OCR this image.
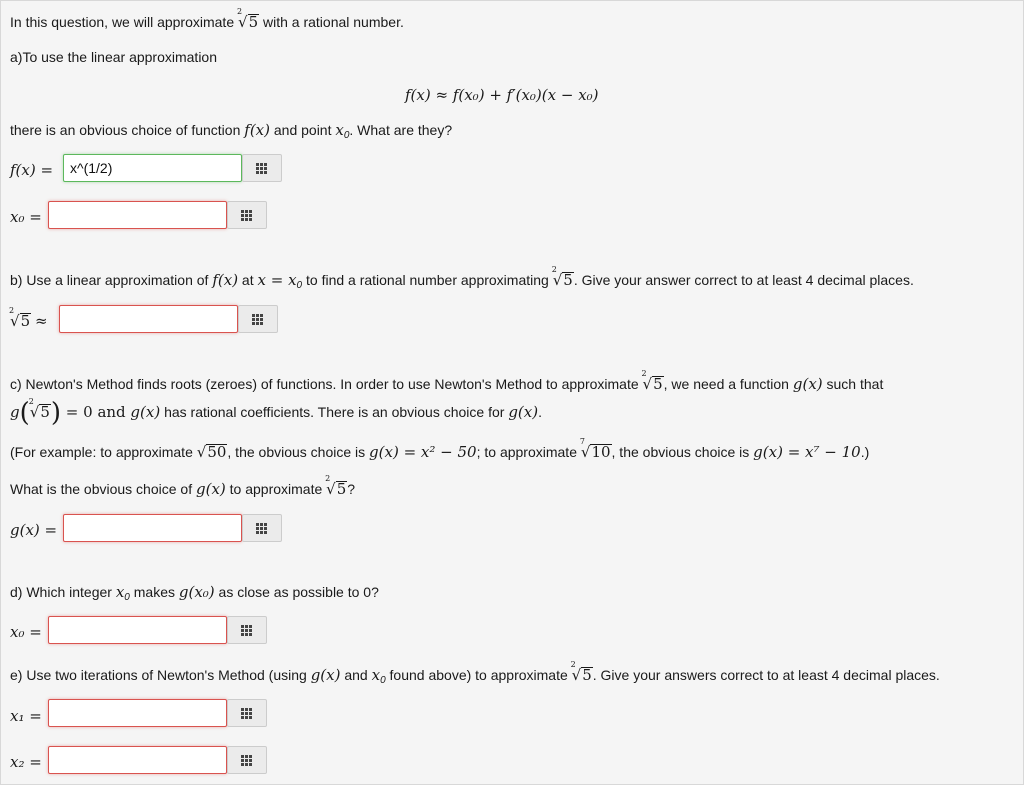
In this question, we will approximate
2
√5 with a rational number.
a)To use the linear approximation
f(x) ≈ f(x₀) + f′(x₀)(x − x₀)
there is an obvious choice of function f(x) and point $x_0$. What are they?
f(x) =	x^(1/2)
x₀ =
b) Use a linear approximation of f(x) at $x = x_0$ to find a rational number approximating
2
√5. Give your answer correct to at least 4 decimal places.
2
√5 ≈
c) Newton's Method finds roots (zeroes) of functions. In order to use Newton's Method to approximate
2
√5, we need a function g(x) such that
g( 2
√5) = 0 and g(x) has rational coefficients. There is an obvious choice for g(x).
(For example: to approximate √50, the obvious choice is g(x) = x² − 50; to approximate
7
√10, the obvious choice is g(x) = x⁷ − 10.)
What is the obvious choice of g(x) to approximate
2
√5?
g(x) =
d) Which integer $x_0$ makes g(x₀) as close as possible to 0?
x₀ =
e) Use two iterations of Newton's Method (using g(x) and $x_0$ found above) to approximate
2
√5. Give your answers correct to at least 4 decimal places.
x₁ =
x₂ =
